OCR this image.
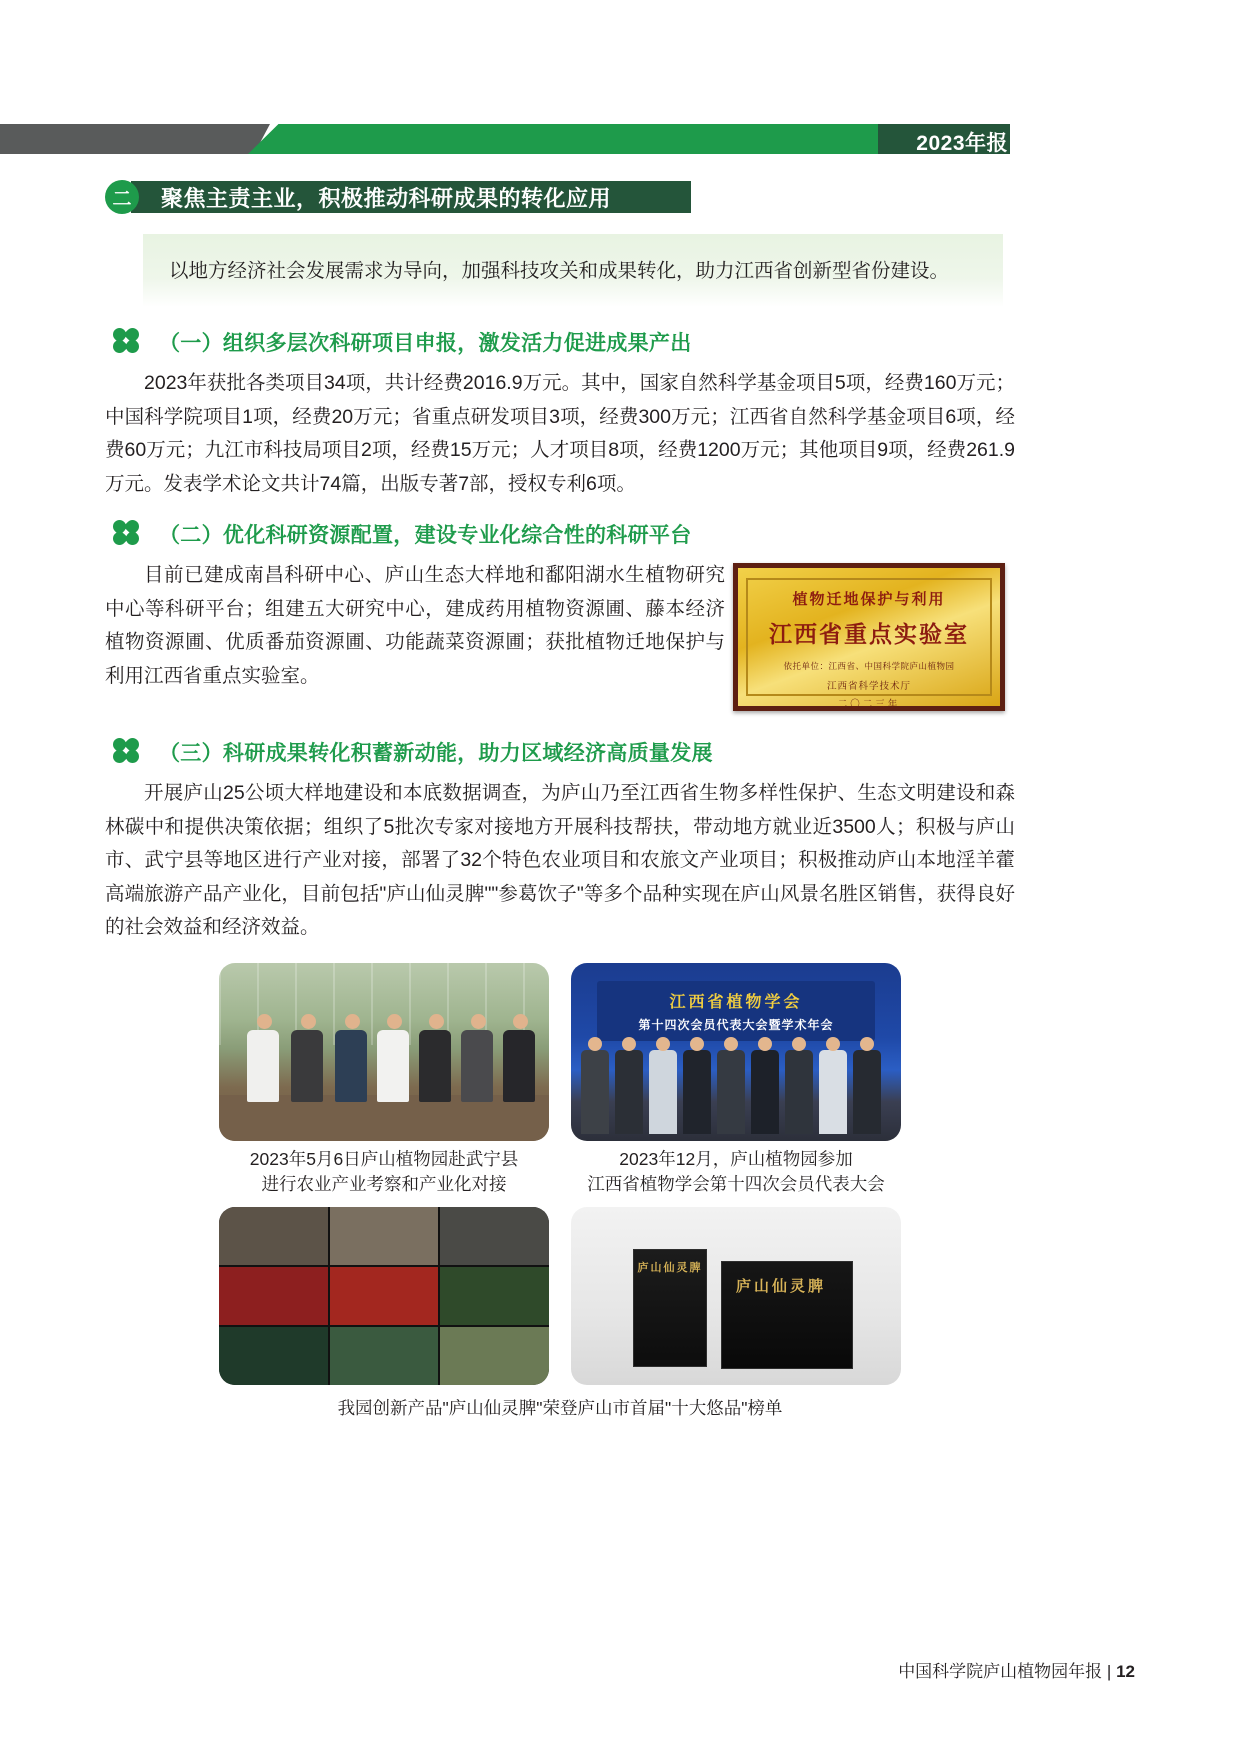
2023年报
聚焦主责主业，积极推动科研成果的转化应用
二
以地方经济社会发展需求为导向，加强科技攻关和成果转化，助力江西省创新型省份建设。
（一）组织多层次科研项目申报，激发活力促进成果产出

2023年获批各类项目34项，共计经费2016.9万元。其中，国家自然科学基金项目5项，经费160万元；中国科学院项目1项，经费20万元；省重点研发项目3项，经费300万元；江西省自然科学基金项目6项，经费60万元；九江市科技局项目2项，经费15万元；人才项目8项，经费1200万元；其他项目9项，经费261.9万元。发表学术论文共计74篇，出版专著7部，授权专利6项。

（二）优化科研资源配置，建设专业化综合性的科研平台

目前已建成南昌科研中心、庐山生态大样地和鄱阳湖水生植物研究中心等科研平台；组建五大研究中心，建成药用植物资源圃、藤本经济植物资源圃、优质番茄资源圃、功能蔬菜资源圃；获批植物迁地保护与利用江西省重点实验室。

植物迁地保护与利用
江西省重点实验室
依托单位：江西省、中国科学院庐山植物园
江西省科学技术厅
二〇二三年
（三）科研成果转化积蓄新动能，助力区域经济高质量发展

开展庐山25公顷大样地建设和本底数据调查，为庐山乃至江西省生物多样性保护、生态文明建设和森林碳中和提供决策依据；组织了5批次专家对接地方开展科技帮扶，带动地方就业近3500人；积极与庐山市、武宁县等地区进行产业对接，部署了32个特色农业项目和农旅文产业项目；积极推动庐山本地淫羊藿高端旅游产品产业化，目前包括"庐山仙灵脾""参葛饮子"等多个品种实现在庐山风景名胜区销售，获得良好的社会效益和经济效益。

2023年5月6日庐山植物园赴武宁县
进行农业产业考察和产业化对接
江西省植物学会
第十四次会员代表大会暨学术年会
2023年12月，庐山植物园参加
江西省植物学会第十四次会员代表大会
庐山仙灵脾
庐山仙灵脾
我园创新产品"庐山仙灵脾"荣登庐山市首届"十大悠品"榜单
中国科学院庐山植物园年报 | 12
